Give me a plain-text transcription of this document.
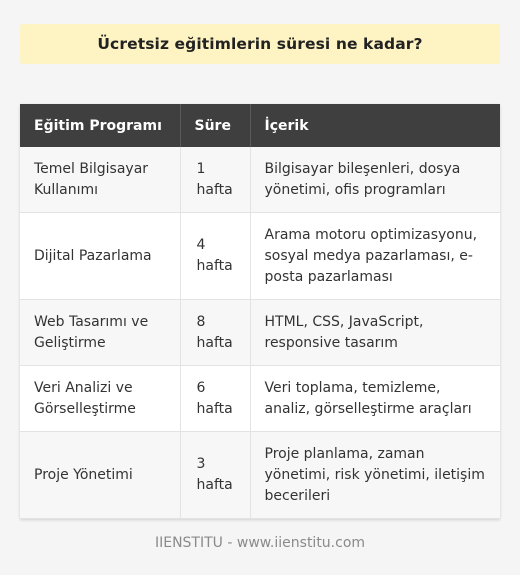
Ücretsiz eğitimlerin süresi ne kadar?
Eğitim Programı	Süre	İçerik
Temel Bilgisayar Kullanımı	1 hafta	Bilgisayar bileşenleri, dosya yönetimi, ofis programları
Dijital Pazarlama	4 hafta	Arama motoru optimizasyonu, sosyal medya pazarlaması, e-posta pazarlaması
Web Tasarımı ve Geliştirme	8 hafta	HTML, CSS, JavaScript, responsive tasarım
Veri Analizi ve Görselleştirme	6 hafta	Veri toplama, temizleme, analiz, görselleştirme araçları
Proje Yönetimi	3 hafta	Proje planlama, zaman yönetimi, risk yönetimi, iletişim becerileri
IIENSTITU - www.iienstitu.com
